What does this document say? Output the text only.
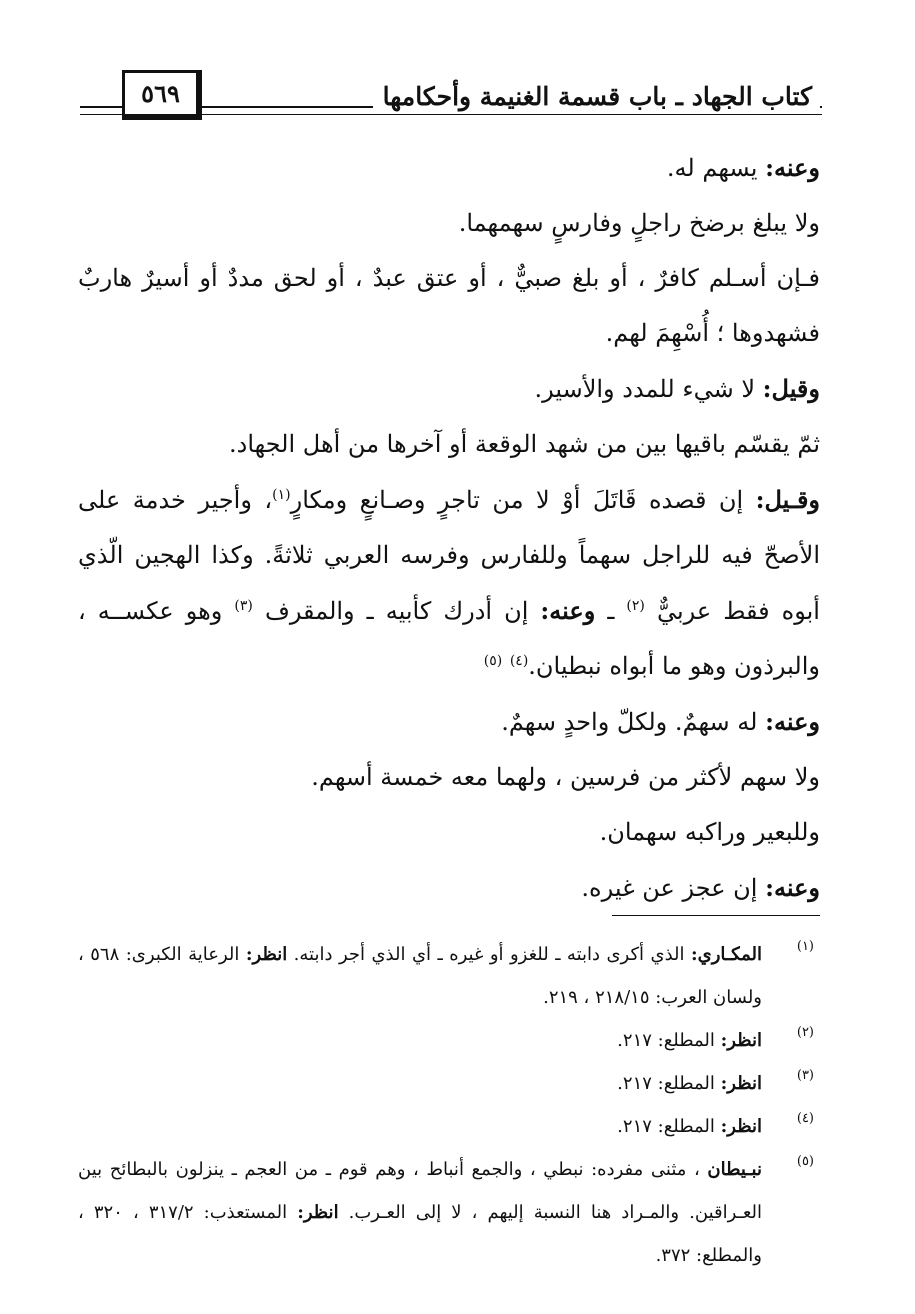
٥٦٩	كتاب الجهاد ـ باب قسمة الغنيمة وأحكامها

وعنه: يسهم له.

ولا يبلغ برضخ راجلٍ وفارسٍ سهمهما.

فـإن أسـلم كافرٌ ، أو بلغ صبيٌّ ، أو عتق عبدٌ ، أو لحق مددٌ أو أسيرٌ هاربٌ فشهدوها ؛ أُسْهِمَ لهم.

وقيل: لا شيء للمدد والأسير.

ثمّ يقسّم باقيها بين من شهد الوقعة أو آخرها من أهل الجهاد.

وقـيل: إن قصده قَاتَلَ أوْ لا من تاجرٍ وصـانعٍ ومكارٍ$^{(١)}$، وأجير خدمة على الأصحّ فيه للراجل سهماً وللفارس وفرسه العربي ثلاثةً. وكذا الهجين الّذي أبوه فقط عربيٌّ $^{(٢)}$ ـ وعنه: إن أدرك كأبيه ـ والمقرف $^{(٣)}$ وهو عكســه ، والبرذون وهو ما أبواه نبطيان.$^{(٤)}$ $^{(٥)}$

وعنه: له سهمٌ. ولكلّ واحدٍ سهمٌ.

ولا سهم لأكثر من فرسين ، ولهما معه خمسة أسهم.

وللبعير وراكبه سهمان.

وعنه: إن عجز عن غيره.

(١)
المكـاري: الذي أكرى دابته ـ للغزو أو غيره ـ أي الذي أجر دابته. انظر: الرعاية الكبرى: ٥٦٨ ، ولسان العرب: ٢١٨/١٥ ، ٢١٩.
(٢)
انظر: المطلع: ٢١٧.
(٣)
انظر: المطلع: ٢١٧.
(٤)
انظر: المطلع: ٢١٧.
(٥)
نبـيطان ، مثنى مفرده: نبطي ، والجمع أنباط ، وهم قوم ـ من العجم ـ ينزلون بالبطائح بين العـراقين. والمـراد هنا النسبة إليهم ، لا إلى العـرب. انظر: المستعذب: ٣١٧/٢ ، ٣٢٠ ، والمطلع: ٣٧٢.
